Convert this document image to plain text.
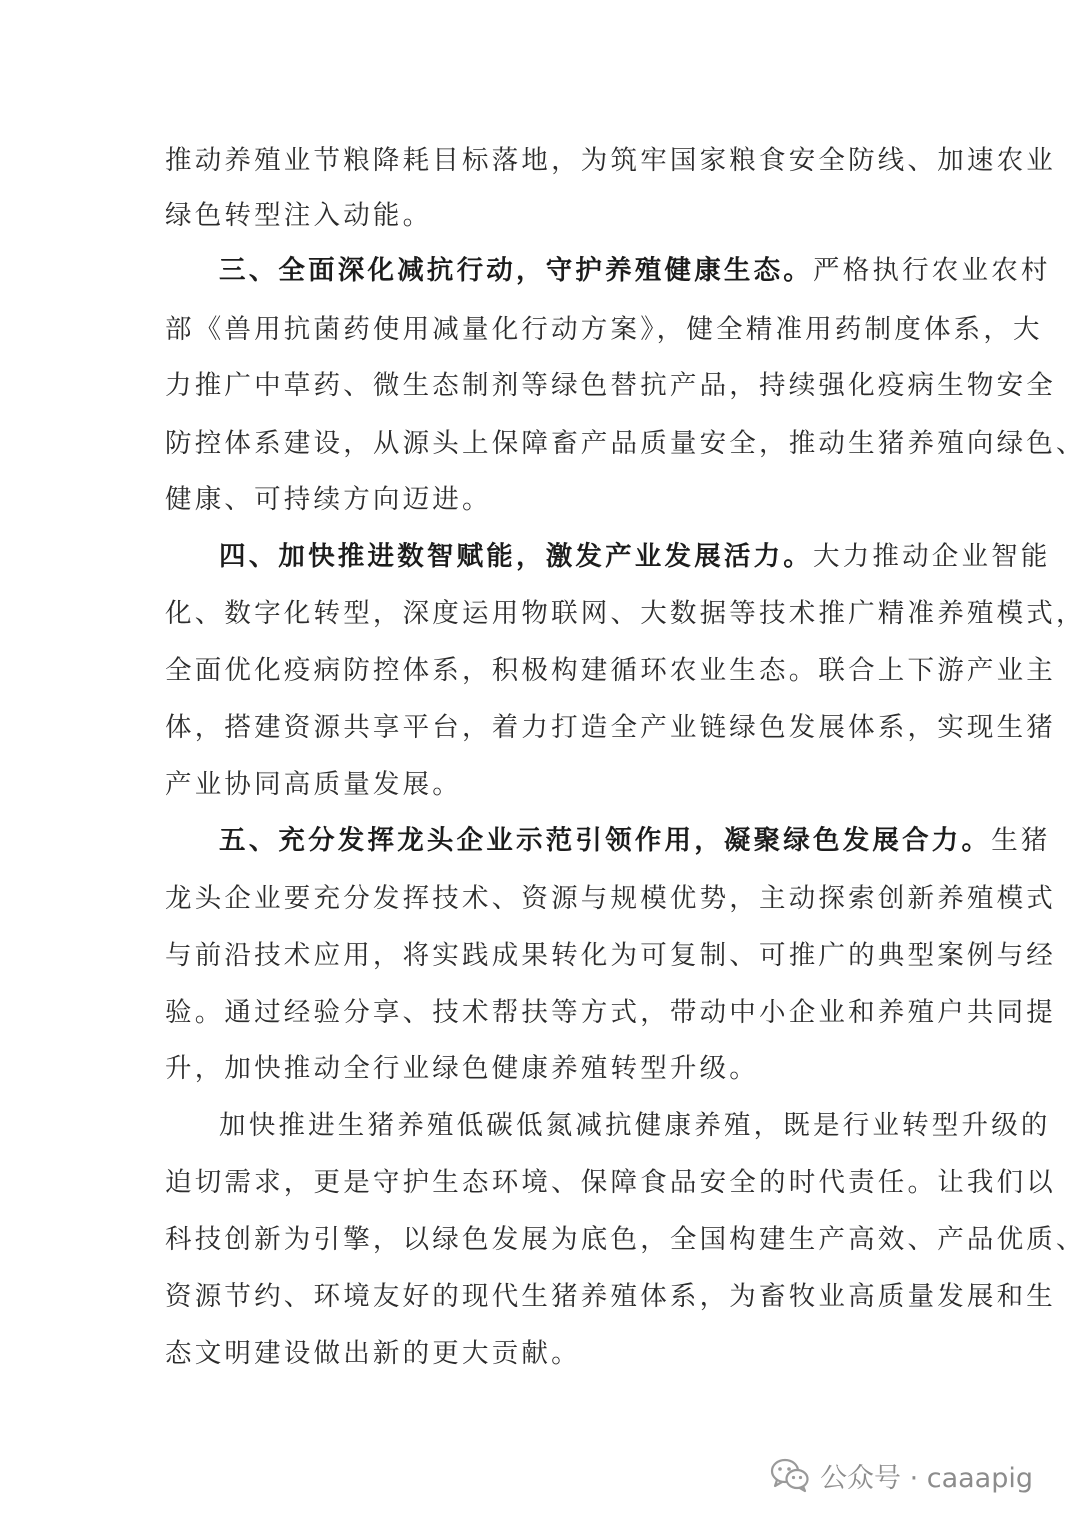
推动养殖业节粮降耗目标落地，为筑牢国家粮食安全防线、加速农业
绿色转型注入动能。
三、全面深化减抗行动，守护养殖健康生态。严格执行农业农村
部《兽用抗菌药使用减量化行动方案》，健全精准用药制度体系，大
力推广中草药、微生态制剂等绿色替抗产品，持续强化疫病生物安全
防控体系建设，从源头上保障畜产品质量安全，推动生猪养殖向绿色、
健康、可持续方向迈进。
四、加快推进数智赋能，激发产业发展活力。大力推动企业智能
化、数字化转型，深度运用物联网、大数据等技术推广精准养殖模式，
全面优化疫病防控体系，积极构建循环农业生态。联合上下游产业主
体，搭建资源共享平台，着力打造全产业链绿色发展体系，实现生猪
产业协同高质量发展。
五、充分发挥龙头企业示范引领作用，凝聚绿色发展合力。生猪
龙头企业要充分发挥技术、资源与规模优势，主动探索创新养殖模式
与前沿技术应用，将实践成果转化为可复制、可推广的典型案例与经
验。通过经验分享、技术帮扶等方式，带动中小企业和养殖户共同提
升，加快推动全行业绿色健康养殖转型升级。
加快推进生猪养殖低碳低氮减抗健康养殖，既是行业转型升级的
迫切需求，更是守护生态环境、保障食品安全的时代责任。让我们以
科技创新为引擎，以绿色发展为底色，全国构建生产高效、产品优质、
资源节约、环境友好的现代生猪养殖体系，为畜牧业高质量发展和生
态文明建设做出新的更大贡献。
公众号 · caaapig
